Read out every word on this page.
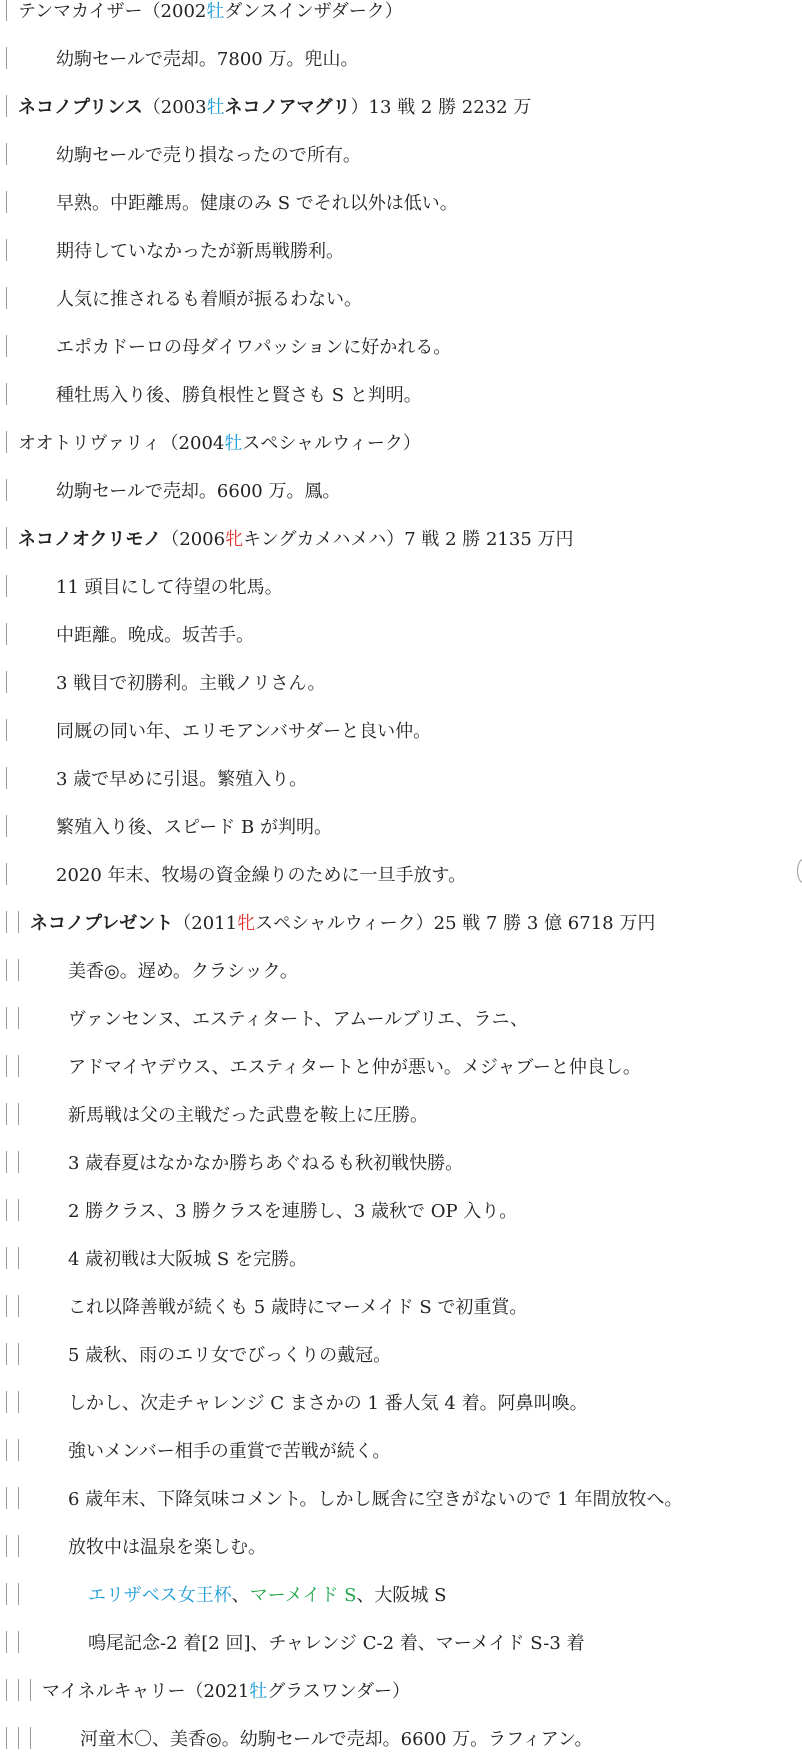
テンマカイザー （2002 牡 ダンスインザダーク）
幼駒セールで売却。7800 万。兜山。
ネコノプリンス （2003 牡 ネコノアマグリ ）13 戦 2 勝 2232 万
幼駒セールで売り損なったので所有。
早熟。中距離馬。健康のみ S でそれ以外は低い。
期待していなかったが新馬戦勝利。
人気に推されるも着順が振るわない。
エポカドーロの母ダイワパッションに好かれる。
種牡馬入り後、勝負根性と賢さも S と判明。
オオトリヴァリィ （2004 牡 スペシャルウィーク）
幼駒セールで売却。6600 万。鳳。
ネコノオクリモノ （2006 牝 キングカメハメハ）7 戦 2 勝 2135 万円
11 頭目にして待望の牝馬。
中距離。晩成。坂苦手。
3 戦目で初勝利。主戦ノリさん。
同厩の同い年、エリモアンバサダーと良い仲。
3 歳で早めに引退。繁殖入り。
繁殖入り後、スピード B が判明。
2020 年末、牧場の資金繰りのために一旦手放す。
ネコノプレゼント （2011 牝 スペシャルウィーク）25 戦 7 勝 3 億 6718 万円
美香◎。遅め。クラシック。
ヴァンセンヌ、エスティタート、アムールブリエ、ラニ、
アドマイヤデウス、エスティタートと仲が悪い。メジャブーと仲良し。
新馬戦は父の主戦だった武豊を鞍上に圧勝。
3 歳春夏はなかなか勝ちあぐねるも秋初戦快勝。
2 勝クラス、3 勝クラスを連勝し、3 歳秋で OP 入り。
4 歳初戦は大阪城 S を完勝。
これ以降善戦が続くも 5 歳時にマーメイド S で初重賞。
5 歳秋、雨のエリ女でびっくりの戴冠。
しかし、次走チャレンジ C まさかの 1 番人気 4 着。阿鼻叫喚。
強いメンバー相手の重賞で苦戦が続く。
6 歳年末、下降気味コメント。しかし厩舎に空きがないので 1 年間放牧へ。
放牧中は温泉を楽しむ。
エリザベス女王杯 、 マーメイド S 、大阪城 S
鳴尾記念-2 着[2 回]、チャレンジ C-2 着、マーメイド S-3 着
マイネルキャリー （2021 牡 グラスワンダー）
河童木〇、美香◎。幼駒セールで売却。6600 万。ラフィアン。
